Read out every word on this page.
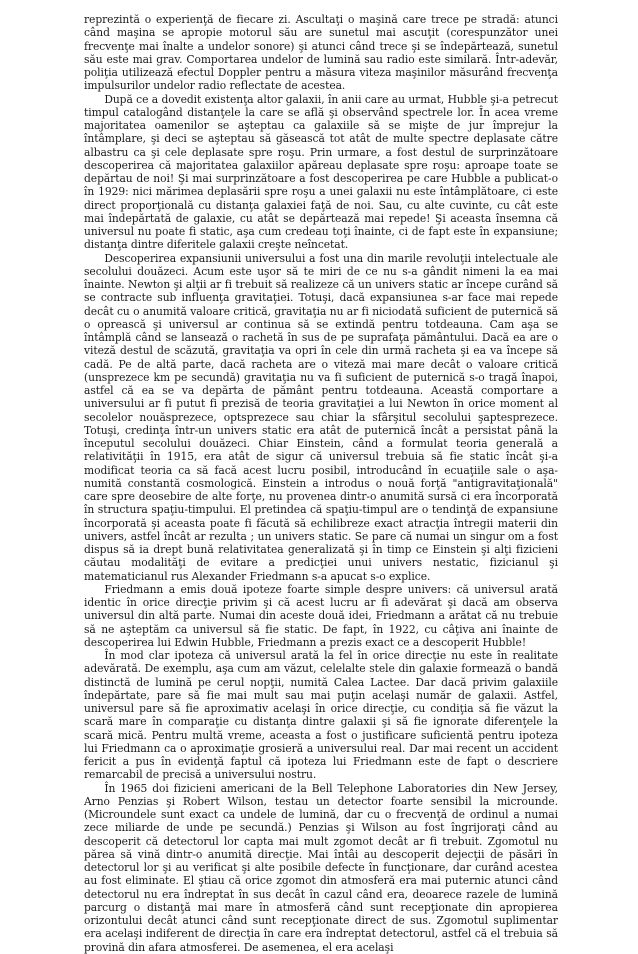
reprezintă o experienţă de fiecare zi. Ascultaţi o maşină care trece pe stradă: atunci când maşina se apropie motorul său are sunetul mai ascuţit (corespunzător unei frecvenţe mai înalte a undelor sonore) şi atunci când trece şi se îndepărtează, sunetul său este mai grav. Comportarea undelor de lumină sau radio este similară. Într-adevăr, poliţia utilizează efectul Doppler pentru a măsura viteza maşinilor măsurând frecvenţa impulsurilor undelor radio reflectate de acestea.

După ce a dovedit existenţa altor galaxii, în anii care au urmat, Hubble şi-a petrecut timpul catalogând distanţele la care se află şi observând spectrele lor. În acea vreme majoritatea oamenilor se aşteptau ca galaxiile să se mişte de jur împrejur la întâmplare, şi deci se aşteptau să găsească tot atât de multe spectre deplasate către albastru ca şi cele deplasate spre roşu. Prin urmare, a fost destul de surprinzătoare descoperirea că majoritatea galaxiilor apăreau deplasate spre roşu: aproape toate se depărtau de noi! Şi mai surprinzătoare a fost descoperirea pe care Hubble a publicat-o în 1929: nici mărimea deplasării spre roşu a unei galaxii nu este întâmplătoare, ci este direct proporţională cu distanţa galaxiei faţă de noi. Sau, cu alte cuvinte, cu cât este mai îndepărtată de galaxie, cu atât se depărtează mai repede! Şi aceasta însemna că universul nu poate fi static, aşa cum credeau toţi înainte, ci de fapt este în expansiune; distanţa dintre diferitele galaxii creşte neîncetat.

Descoperirea expansiunii universului a fost una din marile revoluţii intelectuale ale secolului douăzeci. Acum este uşor să te miri de ce nu s-a gândit nimeni la ea mai înainte. Newton şi alţii ar fi trebuit să realizeze că un univers static ar începe curând să se contracte sub influenţa gravitaţiei. Totuşi, dacă expansiunea s-ar face mai repede decât cu o anumită valoare critică, gravitaţia nu ar fi niciodată suficient de puternică să o oprească şi universul ar continua să se extindă pentru totdeauna. Cam aşa se întâmplă când se lansează o rachetă în sus de pe suprafaţa pământului. Dacă ea are o viteză destul de scăzută, gravitaţia va opri în cele din urmă racheta şi ea va începe să cadă. Pe de altă parte, dacă racheta are o viteză mai mare decât o valoare critică (unsprezece km pe secundă) gravitaţia nu va fi suficient de puternică s-o tragă înapoi, astfel că ea se va depărta de pământ pentru totdeauna. Această comportare a universului ar fi putut fi prezisă de teoria gravitaţiei a lui Newton în orice moment al secolelor nouăsprezece, optsprezece sau chiar la sfârşitul secolului şaptesprezece. Totuşi, credinţa într-un univers static era atât de puternică încât a persistat până la începutul secolului douăzeci. Chiar Einstein, când a formulat teoria generală a relativităţii în 1915, era atât de sigur că universul trebuia să fie static încât şi-a modificat teoria ca să facă acest lucru posibil, introducând în ecuaţiile sale o aşa-numită constantă cosmologică. Einstein a introdus o nouă forţă "antigravitaţională" care spre deosebire de alte forţe, nu provenea dintr-o anumită sursă ci era încorporată în structura spaţiu-timpului. El pretindea că spaţiu-timpul are o tendinţă de expansiune încorporată şi aceasta poate fi făcută să echilibreze exact atracţia întregii materii din univers, astfel încât ar rezulta ; un univers static. Se pare că numai un singur om a fost dispus să ia drept bună relativitatea generalizată şi în timp ce Einstein şi alţi fizicieni căutau modalităţi de evitare a predicţiei unui univers nestatic, fizicianul şi matematicianul rus Alexander Friedmann s-a apucat s-o explice.

Friedmann a emis două ipoteze foarte simple despre univers: că universul arată identic în orice direcţie privim şi că acest lucru ar fi adevărat şi dacă am observa universul din altă parte. Numai din aceste două idei, Friedmann a arătat că nu trebuie să ne aşteptăm ca universul să fie static. De fapt, în 1922, cu câţiva ani înainte de descoperirea lui Edwin Hubble, Friedmann a prezis exact ce a descoperit Hubble!

În mod clar ipoteza că universul arată la fel în orice direcţie nu este în realitate adevărată. De exemplu, aşa cum am văzut, celelalte stele din galaxie formează o bandă distinctă de lumină pe cerul nopţii, numită Calea Lactee. Dar dacă privim galaxiile îndepărtate, pare să fie mai mult sau mai puţin acelaşi număr de galaxii. Astfel, universul pare să fie aproximativ acelaşi în orice direcţie, cu condiţia să fie văzut la scară mare în comparaţie cu distanţa dintre galaxii şi să fie ignorate diferenţele la scară mică. Pentru multă vreme, aceasta a fost o justificare suficientă pentru ipoteza lui Friedmann ca o aproximaţie grosieră a universului real. Dar mai recent un accident fericit a pus în evidenţă faptul că ipoteza lui Friedmann este de fapt o descriere remarcabil de precisă a universului nostru.

În 1965 doi fizicieni americani de la Bell Telephone Laboratories din New Jersey, Arno Penzias şi Robert Wilson, testau un detector foarte sensibil la microunde. (Microundele sunt exact ca undele de lumină, dar cu o frecvenţă de ordinul a numai zece miliarde de unde pe secundă.) Penzias şi Wilson au fost îngrijoraţi când au descoperit că detectorul lor capta mai mult zgomot decât ar fi trebuit. Zgomotul nu părea să vină dintr-o anumită direcţie. Mai întâi au descoperit dejecţii de păsări în detectorul lor şi au verificat şi alte posibile defecte în funcţionare, dar curând acestea au fost eliminate. El ştiau că orice zgomot din atmosferă era mai puternic atunci când detectorul nu era îndreptat în sus decât în cazul când era, deoarece razele de lumină parcurg o distanţă mai mare în atmosferă când sunt recepţionate din apropierea orizontului decât atunci când sunt recepţionate direct de sus. Zgomotul suplimentar era acelaşi indiferent de direcţia în care era îndreptat detectorul, astfel că el trebuia să provină din afara atmosferei. De asemenea, el era acelaşi
